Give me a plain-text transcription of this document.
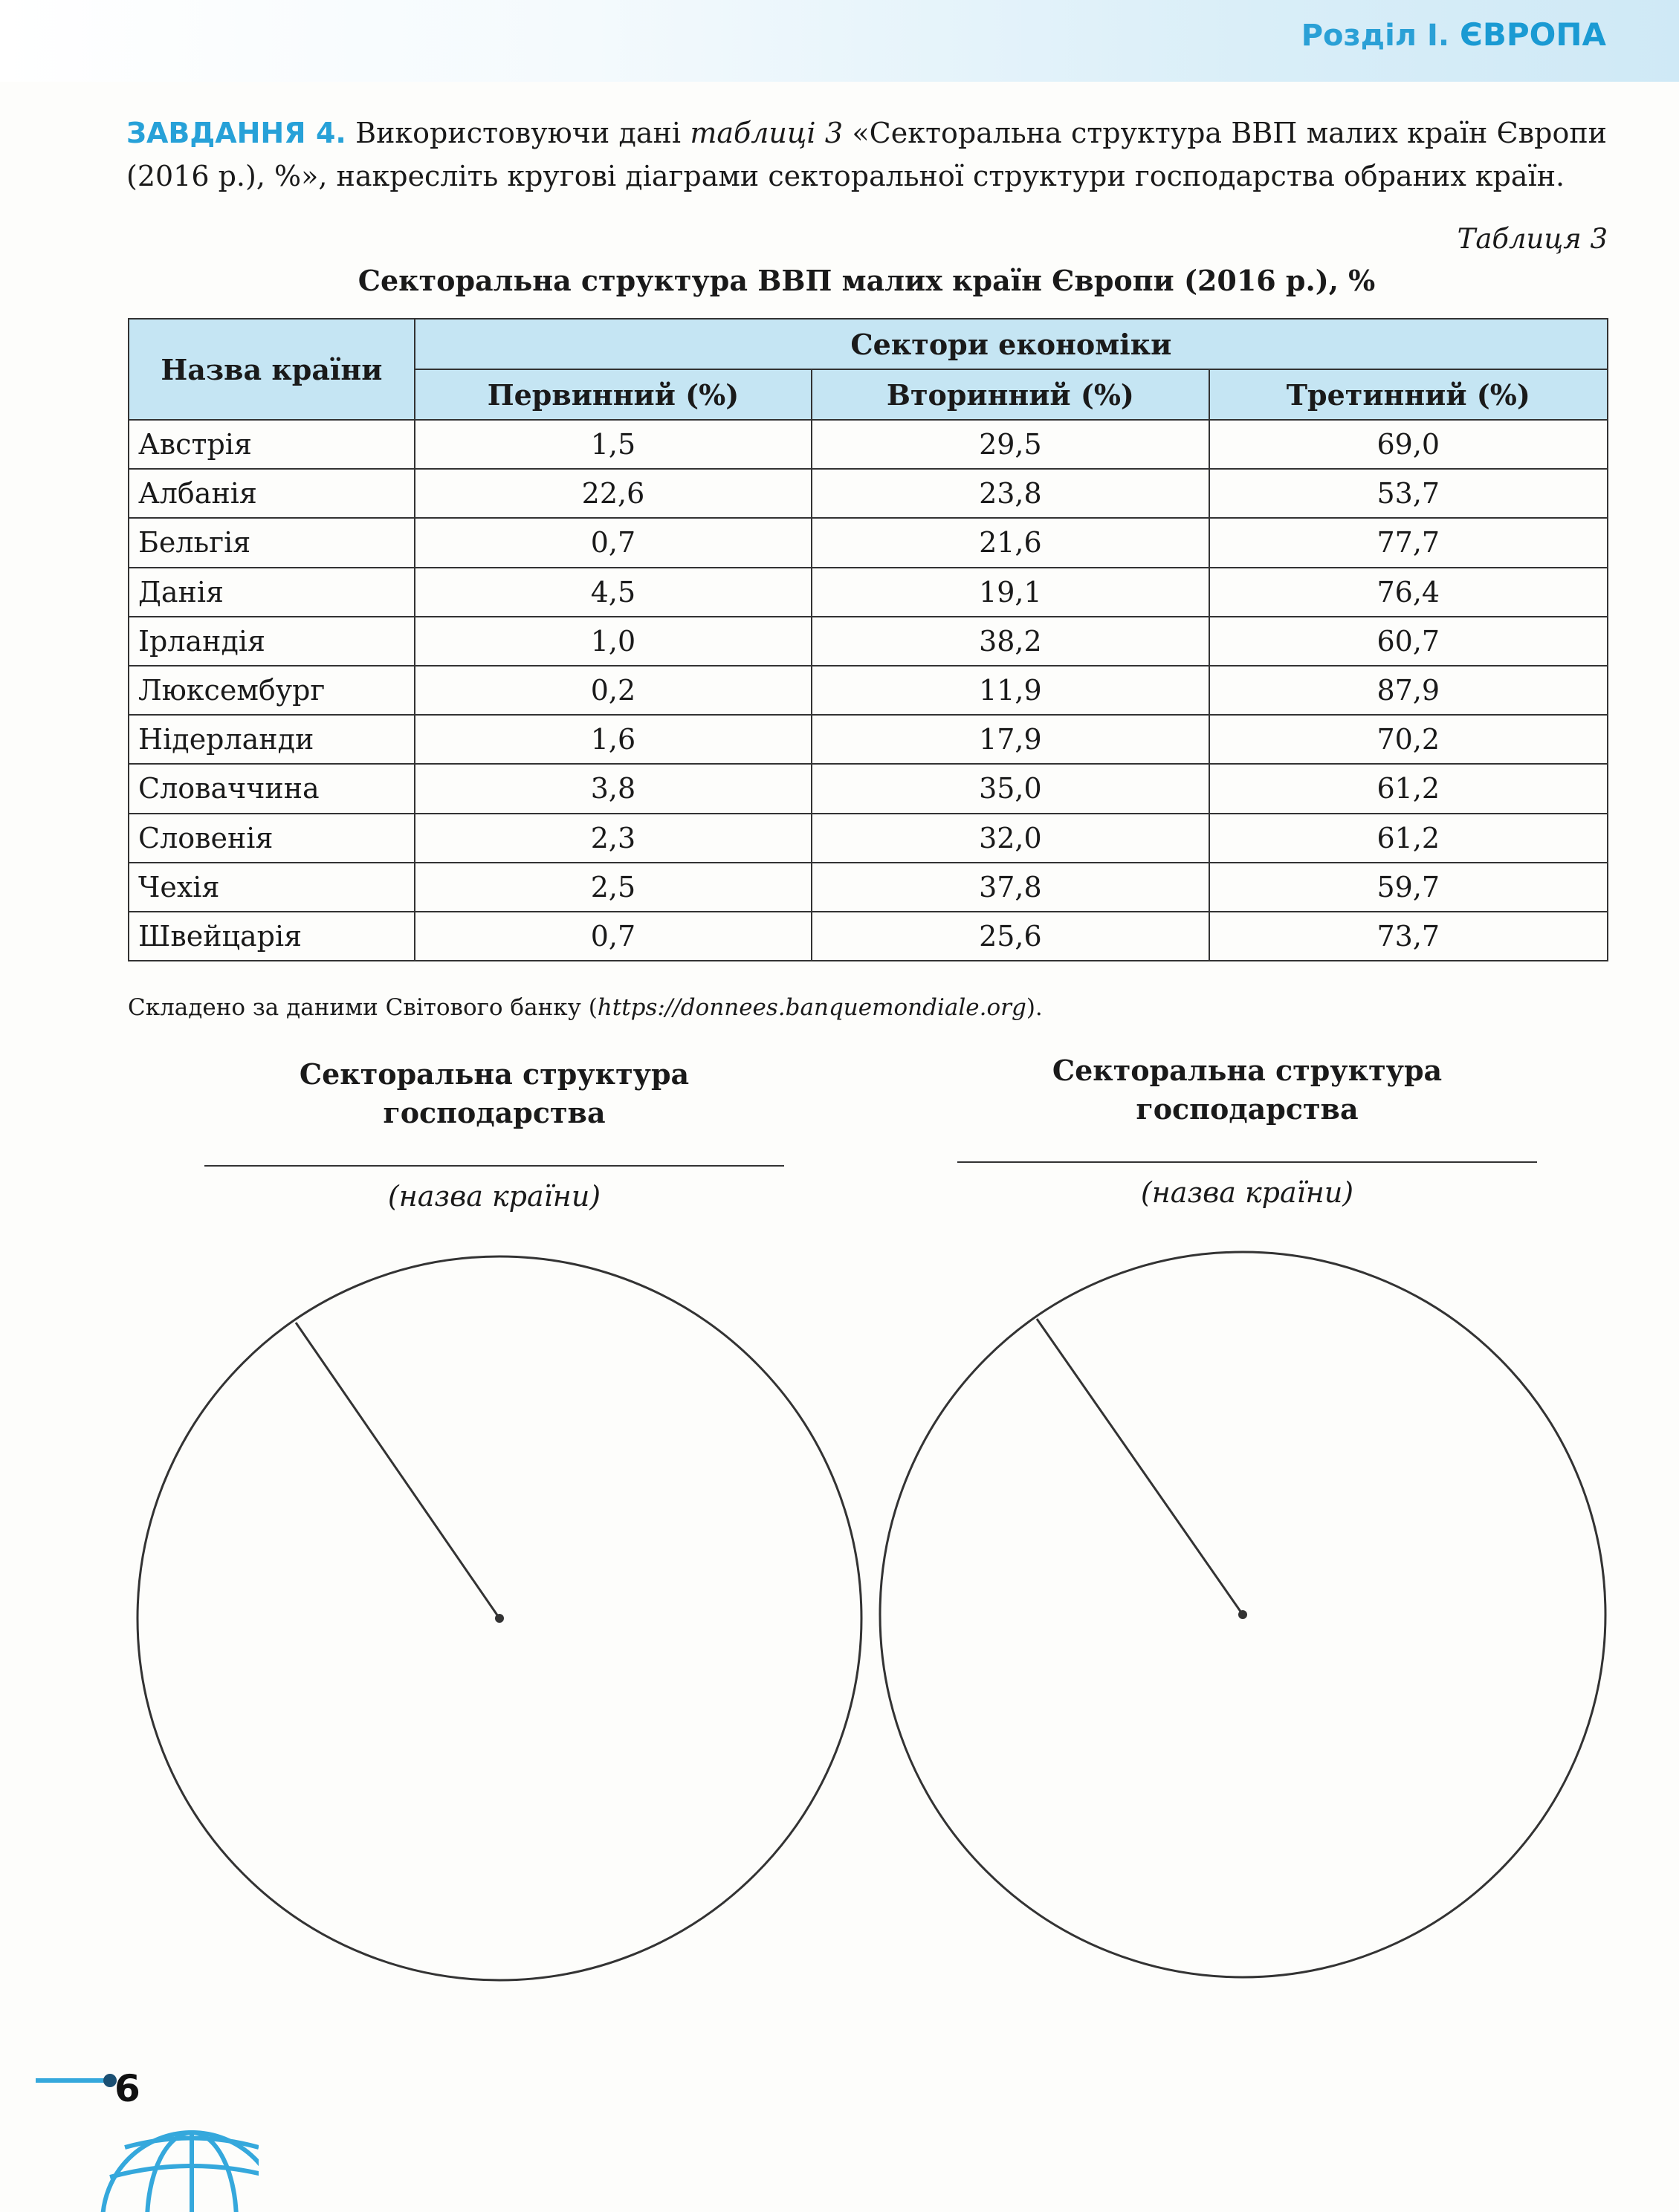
Розділ I. ЄВРОПА
ЗАВДАННЯ 4. Використовуючи дані таблиці 3 «Секторальна структура ВВП малих країн Європи (2016 р.), %», накресліть кругові діаграми секторальної структури господарства обраних країн.
Таблиця 3
Секторальна структура ВВП малих країн Європи (2016 р.), %
Назва країни	Сектори економіки		
	Первинний (%)	Вторинний (%)	Третинний (%)
Австрія	1,5	29,5	69,0
Албанія	22,6	23,8	53,7
Бельгія	0,7	21,6	77,7
Данія	4,5	19,1	76,4
Ірландія	1,0	38,2	60,7
Люксембург	0,2	11,9	87,9
Нідерланди	1,6	17,9	70,2
Словаччина	3,8	35,0	61,2
Словенія	2,3	32,0	61,2
Чехія	2,5	37,8	59,7
Швейцарія	0,7	25,6	73,7
Складено за даними Світового банку (https://donnees.banquemondiale.org).
Секторальна структура
господарства
(назва країни)
Секторальна структура
господарства
(назва країни)
6
